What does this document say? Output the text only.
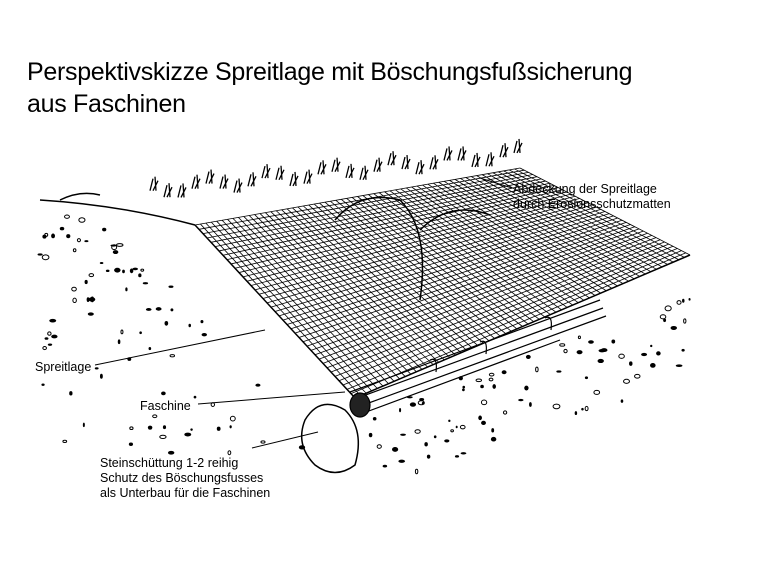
Perspektivskizze Spreitlage mit Böschungsfußsicherung
aus Faschinen
Abdeckung der Spreitlage
durch Erosionsschutzmatten
Spreitlage
Faschine
Steinschüttung 1-2 reihig
Schutz des Böschungsfusses
als Unterbau für die Faschinen
